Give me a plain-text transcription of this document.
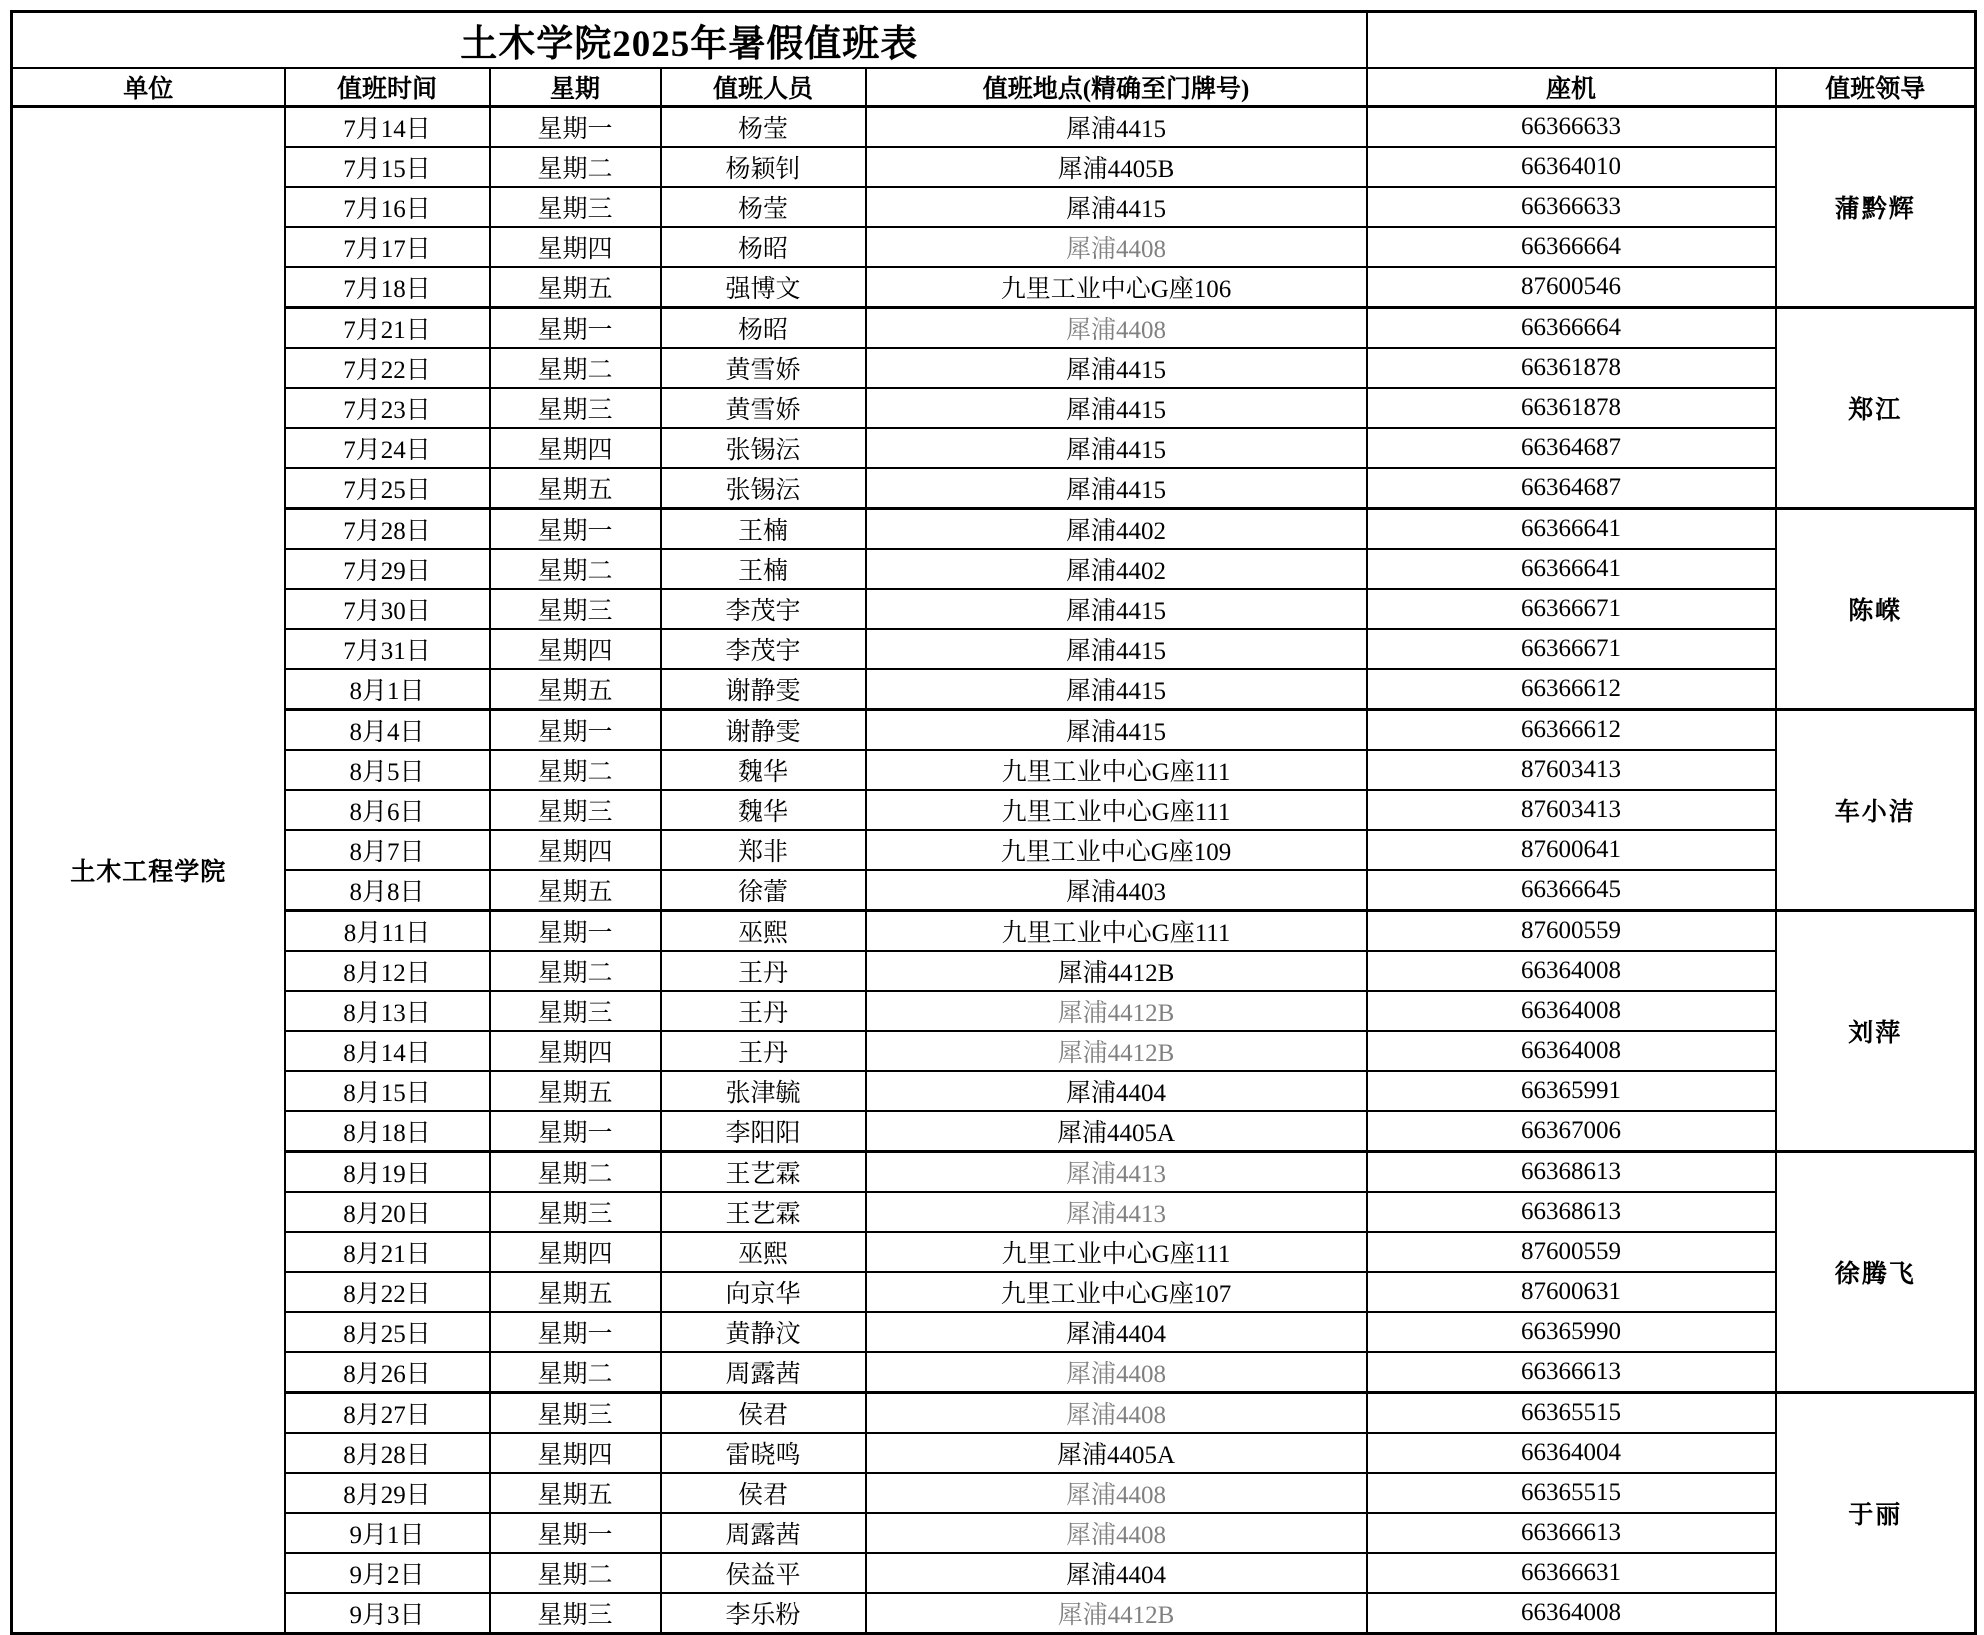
土木学院2025年暑假值班表						
单位	值班时间	星期	值班人员	值班地点(精确至门牌号)	座机	值班领导
土木工程学院	7月14日	星期一	杨莹	犀浦4415	66366633	蒲黔辉
	7月15日	星期二	杨颖钊	犀浦4405B	66364010	
	7月16日	星期三	杨莹	犀浦4415	66366633	
	7月17日	星期四	杨昭	犀浦4408	66366664	
	7月18日	星期五	强博文	九里工业中心G座106	87600546	
	7月21日	星期一	杨昭	犀浦4408	66366664	郑江
	7月22日	星期二	黄雪娇	犀浦4415	66361878	
	7月23日	星期三	黄雪娇	犀浦4415	66361878	
	7月24日	星期四	张锡沄	犀浦4415	66364687	
	7月25日	星期五	张锡沄	犀浦4415	66364687	
	7月28日	星期一	王楠	犀浦4402	66366641	陈嵘
	7月29日	星期二	王楠	犀浦4402	66366641	
	7月30日	星期三	李茂宇	犀浦4415	66366671	
	7月31日	星期四	李茂宇	犀浦4415	66366671	
	8月1日	星期五	谢静雯	犀浦4415	66366612	
	8月4日	星期一	谢静雯	犀浦4415	66366612	车小洁
	8月5日	星期二	魏华	九里工业中心G座111	87603413	
	8月6日	星期三	魏华	九里工业中心G座111	87603413	
	8月7日	星期四	郑非	九里工业中心G座109	87600641	
	8月8日	星期五	徐蕾	犀浦4403	66366645	
	8月11日	星期一	巫熙	九里工业中心G座111	87600559	刘萍
	8月12日	星期二	王丹	犀浦4412B	66364008	
	8月13日	星期三	王丹	犀浦4412B	66364008	
	8月14日	星期四	王丹	犀浦4412B	66364008	
	8月15日	星期五	张津毓	犀浦4404	66365991	
	8月18日	星期一	李阳阳	犀浦4405A	66367006	
	8月19日	星期二	王艺霖	犀浦4413	66368613	徐腾飞
	8月20日	星期三	王艺霖	犀浦4413	66368613	
	8月21日	星期四	巫熙	九里工业中心G座111	87600559	
	8月22日	星期五	向京华	九里工业中心G座107	87600631	
	8月25日	星期一	黄静汶	犀浦4404	66365990	
	8月26日	星期二	周露茜	犀浦4408	66366613	
	8月27日	星期三	侯君	犀浦4408	66365515	于丽
	8月28日	星期四	雷晓鸣	犀浦4405A	66364004	
	8月29日	星期五	侯君	犀浦4408	66365515	
	9月1日	星期一	周露茜	犀浦4408	66366613	
	9月2日	星期二	侯益平	犀浦4404	66366631	
	9月3日	星期三	李乐粉	犀浦4412B	66364008	
